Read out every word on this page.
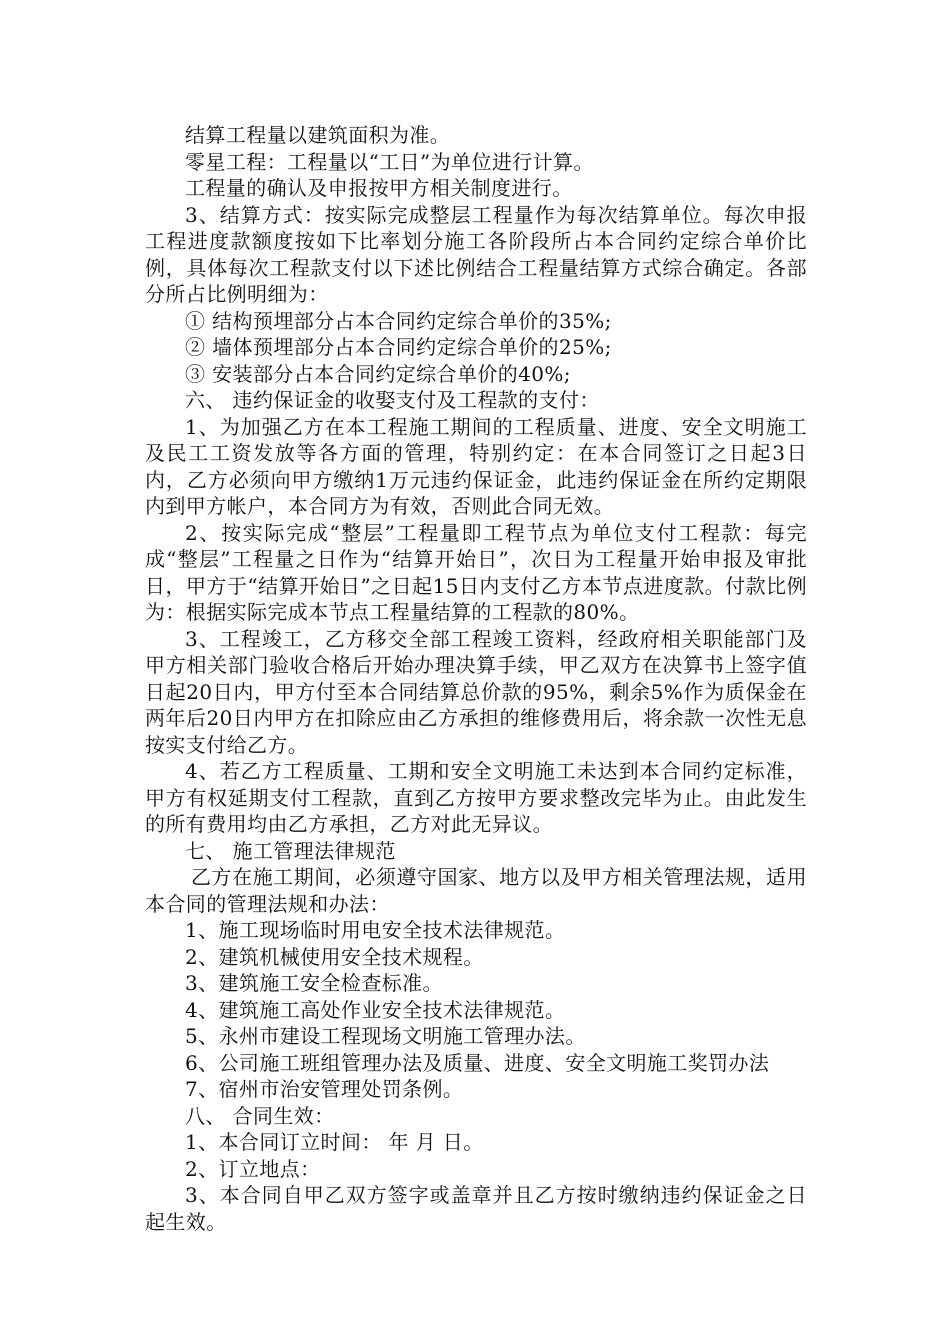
结算工程量以建筑面积为准。

零星工程：工程量以“工日”为单位进行计算。

工程量的确认及申报按甲方相关制度进行。

3、结算方式：按实际完成整层工程量作为每次结算单位。每次申报工程进度款额度按如下比率划分施工各阶段所占本合同约定综合单价比例，具体每次工程款支付以下述比例结合工程量结算方式综合确定。各部分所占比例明细为：

① 结构预埋部分占本合同约定综合单价的35%;

② 墙体预埋部分占本合同约定综合单价的25%;

③ 安装部分占本合同约定综合单价的40%;

六、 违约保证金的收娶支付及工程款的支付：

1、为加强乙方在本工程施工期间的工程质量、进度、安全文明施工及民工工资发放等各方面的管理，特别约定：在本合同签订之日起3日内，乙方必须向甲方缴纳1万元违约保证金，此违约保证金在所约定期限内到甲方帐户，本合同方为有效，否则此合同无效。

2、按实际完成“整层”工程量即工程节点为单位支付工程款：每完成“整层”工程量之日作为“结算开始日”，次日为工程量开始申报及审批日，甲方于“结算开始日”之日起15日内支付乙方本节点进度款。付款比例为：根据实际完成本节点工程量结算的工程款的80%。

3、工程竣工，乙方移交全部工程竣工资料，经政府相关职能部门及甲方相关部门验收合格后开始办理决算手续，甲乙双方在决算书上签字值日起20日内，甲方付至本合同结算总价款的95%，剩余5%作为质保金在两年后20日内甲方在扣除应由乙方承担的维修费用后，将余款一次性无息按实支付给乙方。

4、若乙方工程质量、工期和安全文明施工未达到本合同约定标准，甲方有权延期支付工程款，直到乙方按甲方要求整改完毕为止。由此发生的所有费用均由乙方承担，乙方对此无异议。

七、 施工管理法律规范

乙方在施工期间，必须遵守国家、地方以及甲方相关管理法规，适用本合同的管理法规和办法：

1、施工现场临时用电安全技术法律规范。

2、建筑机械使用安全技术规程。

3、建筑施工安全检查标准。

4、建筑施工高处作业安全技术法律规范。

5、永州市建设工程现场文明施工管理办法。

6、公司施工班组管理办法及质量、进度、安全文明施工奖罚办法

7、宿州市治安管理处罚条例。

八、 合同生效：

1、本合同订立时间： 年 月 日。

2、订立地点：

3、本合同自甲乙双方签字或盖章并且乙方按时缴纳违约保证金之日起生效。
